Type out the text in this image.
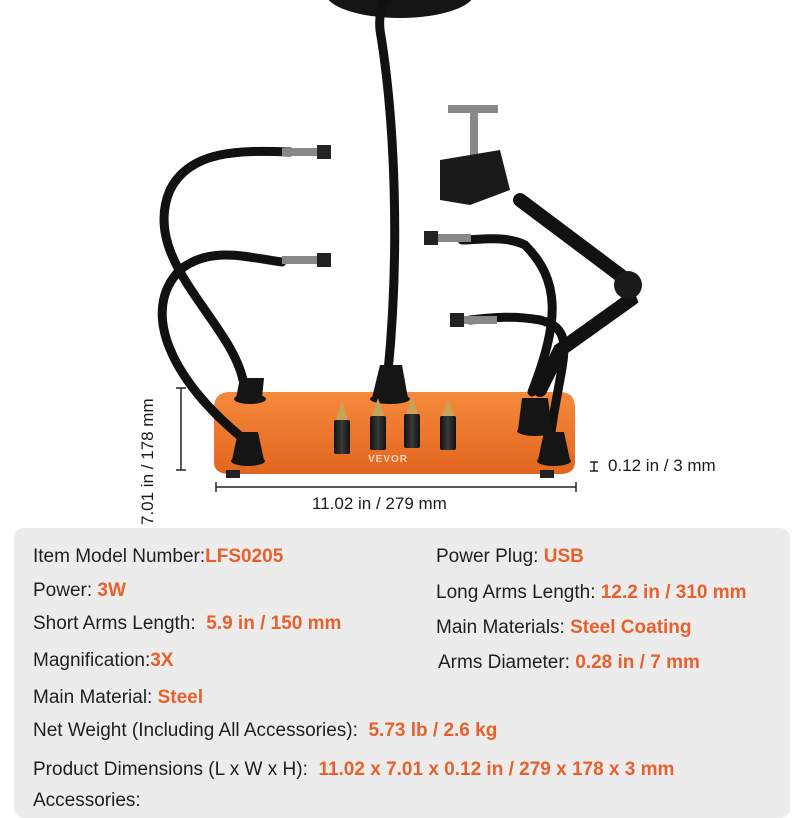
VEVOR
11.02 in / 279 mm
7.01 in / 178 mm	0.12 in / 3 mm
Item Model Number:LFS0205	Power Plug: USB
Power: 3W	Long Arms Length: 12.2 in / 310 mm
Short Arms Length: 5.9 in / 150 mm	Main Materials: Steel Coating
Magnification:3X	Arms Diameter: 0.28 in / 7 mm
Main Material: Steel
Net Weight (Including All Accessories): 5.73 lb / 2.6 kg
Product Dimensions (L x W x H): 11.02 x 7.01 x 0.12 in / 279 x 178 x 3 mm
Accessories:
